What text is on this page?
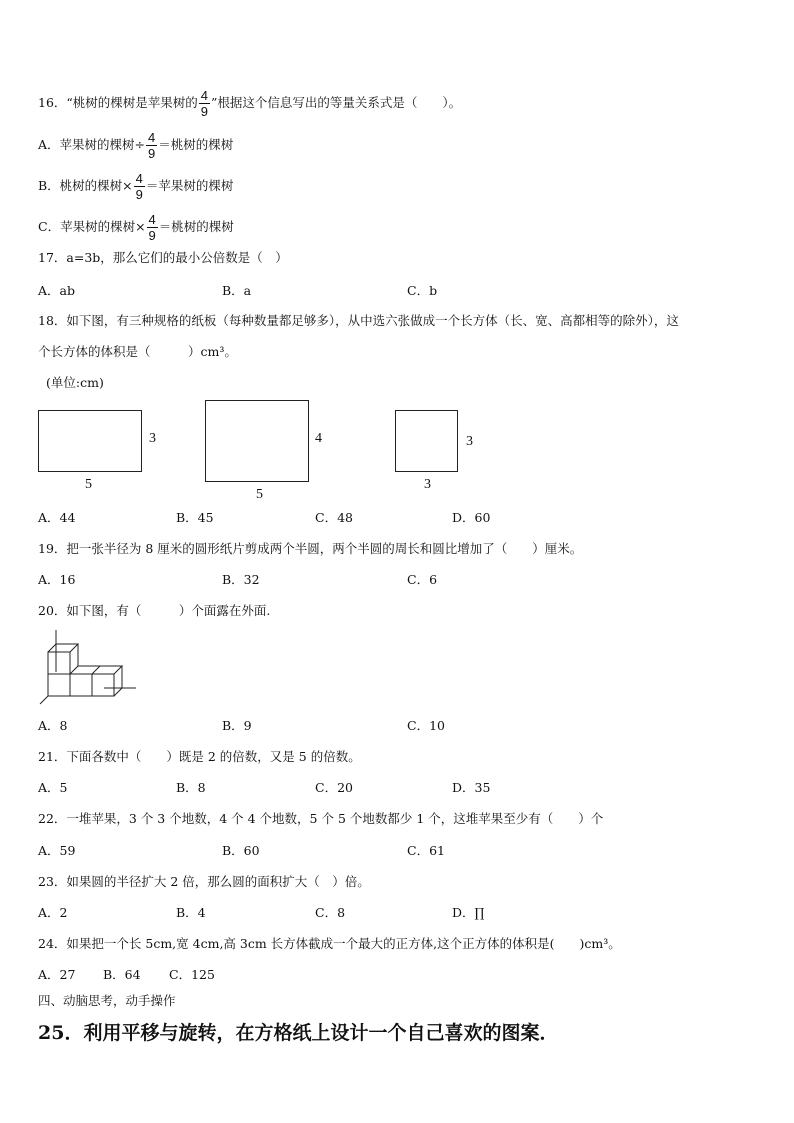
16．“桃树的棵树是苹果树的 $\frac{4}{9}$ ”根据这个信息写出的等量关系式是（　　）。
A．苹果树的棵树÷ $\frac{4}{9}$ ＝桃树的棵树
B．桃树的棵树× $\frac{4}{9}$ ＝苹果树的棵树
C．苹果树的棵树× $\frac{4}{9}$ ＝桃树的棵树
17．a=3b，那么它们的最小公倍数是（　）
A．ab	B．a	C．b
18．如下图，有三种规格的纸板（每种数量都足够多），从中选六张做成一个长方体（长、宽、高都相等的除外），这
个长方体的体积是（　　　）cm³。
(单位:cm)
3
5
4
5
3
3
A．44	B．45	C．48	D．60
19．把一张半径为 8 厘米的圆形纸片剪成两个半圆，两个半圆的周长和圆比增加了（　　）厘米。
A．16	B．32	C．6
20．如下图，有（　　　）个面露在外面.
A．8	B．9	C．10
21．下面各数中（　　）既是 2 的倍数，又是 5 的倍数。
A．5	B．8	C．20	D．35
22．一堆苹果，3 个 3 个地数，4 个 4 个地数，5 个 5 个地数都少 1 个，这堆苹果至少有（　　）个
A．59	B．60	C．61
23．如果圆的半径扩大 2 倍，那么圆的面积扩大（　）倍。
A．2	B．4	C．8	D．∏
24．如果把一个长 5cm,宽 4cm,高 3cm 长方体截成一个最大的正方体,这个正方体的体积是(　　)cm³。
A．27 B．64 C．125
四、动脑思考，动手操作
25．利用平移与旋转，在方格纸上设计一个自己喜欢的图案．
